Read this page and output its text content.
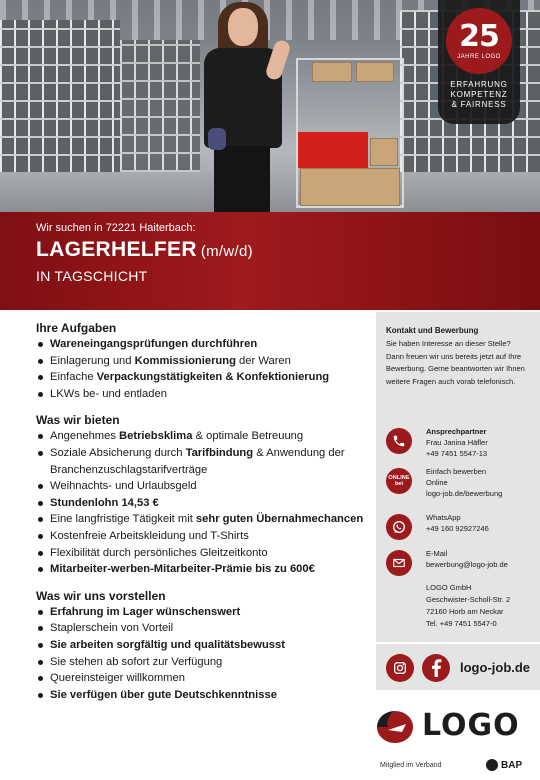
25
JAHRE LOGO
ERFAHRUNG
KOMPETENZ
& FAIRNESS
Wir suchen in 72221 Haiterbach:
LAGERHELFER (m/w/d)
IN TAGSCHICHT
Ihre Aufgaben
Wareneingangsprüfungen durchführen
Einlagerung und Kommissionierung der Waren
Einfache Verpackungstätigkeiten & Konfektionierung
LKWs be- und entladen
Was wir bieten
Angenehmes Betriebsklima & optimale Betreuung
Soziale Absicherung durch Tarifbindung & Anwendung der Branchenzuschlagstarifverträge
Weihnachts- und Urlaubsgeld
Stundenlohn 14,53 €
Eine langfristige Tätigkeit mit sehr guten Übernahmechancen
Kostenfreie Arbeitskleidung und T-Shirts
Flexibilität durch persönliches Gleitzeitkonto
Mitarbeiter-werben-Mitarbeiter-Prämie bis zu 600€
Was wir uns vorstellen
Erfahrung im Lager wünschenswert
Staplerschein von Vorteil
Sie arbeiten sorgfältig und qualitätsbewusst
Sie stehen ab sofort zur Verfügung
Quereinsteiger willkommen
Sie verfügen über gute Deutschkenntnisse
Kontakt und Bewerbung
Sie haben Interesse an dieser Stelle? Dann freuen wir uns bereits jetzt auf Ihre Bewerbung. Gerne beantworten wir Ihnen weitere Fragen auch vorab telefonisch.
Ansprechpartner
Frau Janina Häfler
+49 7451 5547-13
ONLINE
bei
Einfach bewerben
Online
logo-job.de/bewerbung
WhatsApp
+49 160 92927246
E-Mail
bewerbung@logo-job.de
LOGO GmbH
Geschwister-Scholl-Str. 2
72160 Horb am Neckar
Tel. +49 7451 5547-0
logo-job.de
LOGO
Mitglied im Verband	BAP
